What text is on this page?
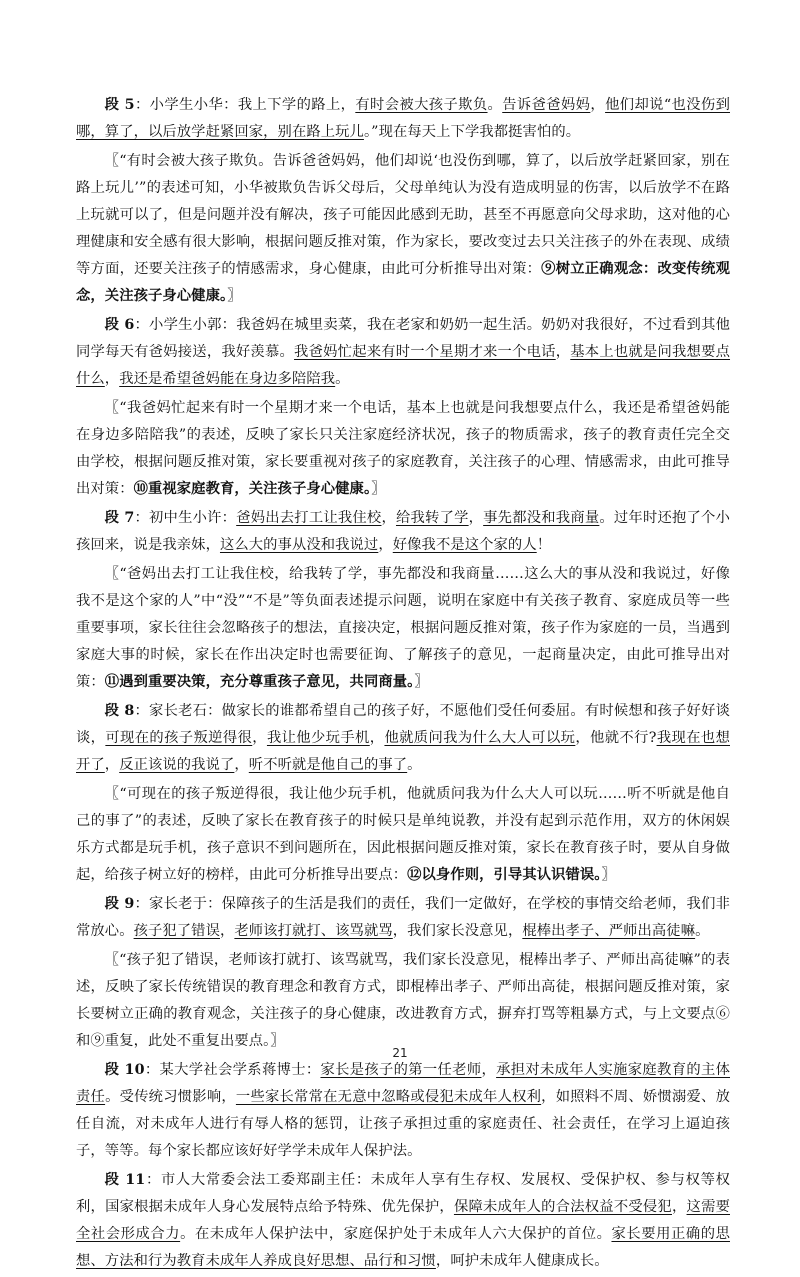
段 5：小学生小华：我上下学的路上，有时会被大孩子欺负。告诉爸爸妈妈，他们却说“也没伤到哪，算了，以后放学赶紧回家，别在路上玩儿。”现在每天上下学我都挺害怕的。

〖“有时会被大孩子欺负。告诉爸爸妈妈，他们却说‘也没伤到哪，算了，以后放学赶紧回家，别在路上玩儿’”的表述可知，小华被欺负告诉父母后，父母单纯认为没有造成明显的伤害，以后放学不在路上玩就可以了，但是问题并没有解决，孩子可能因此感到无助，甚至不再愿意向父母求助，这对他的心理健康和安全感有很大影响，根据问题反推对策，作为家长，要改变过去只关注孩子的外在表现、成绩等方面，还要关注孩子的情感需求，身心健康，由此可分析推导出对策：⑨树立正确观念：改变传统观念，关注孩子身心健康。〗

段 6：小学生小郭：我爸妈在城里卖菜，我在老家和奶奶一起生活。奶奶对我很好，不过看到其他同学每天有爸妈接送，我好羡慕。我爸妈忙起来有时一个星期才来一个电话，基本上也就是问我想要点什么，我还是希望爸妈能在身边多陪陪我。

〖“我爸妈忙起来有时一个星期才来一个电话，基本上也就是问我想要点什么，我还是希望爸妈能在身边多陪陪我”的表述，反映了家长只关注家庭经济状况，孩子的物质需求，孩子的教育责任完全交由学校，根据问题反推对策，家长要重视对孩子的家庭教育，关注孩子的心理、情感需求，由此可推导出对策：⑩重视家庭教育，关注孩子身心健康。〗

段 7：初中生小许：爸妈出去打工让我住校，给我转了学，事先都没和我商量。过年时还抱了个小孩回来，说是我亲妹，这么大的事从没和我说过，好像我不是这个家的人！

〖“爸妈出去打工让我住校，给我转了学，事先都没和我商量……这么大的事从没和我说过，好像我不是这个家的人”中“没”“不是”等负面表述提示问题，说明在家庭中有关孩子教育、家庭成员等一些重要事项，家长往往会忽略孩子的想法，直接决定，根据问题反推对策，孩子作为家庭的一员，当遇到家庭大事的时候，家长在作出决定时也需要征询、了解孩子的意见，一起商量决定，由此可推导出对策：⑪遇到重要决策，充分尊重孩子意见，共同商量。〗

段 8：家长老石：做家长的谁都希望自己的孩子好，不愿他们受任何委屈。有时候想和孩子好好谈谈，可现在的孩子叛逆得很，我让他少玩手机，他就质问我为什么大人可以玩，他就不行?我现在也想开了，反正该说的我说了，听不听就是他自己的事了。

〖“可现在的孩子叛逆得很，我让他少玩手机，他就质问我为什么大人可以玩……听不听就是他自己的事了”的表述，反映了家长在教育孩子的时候只是单纯说教，并没有起到示范作用，双方的休闲娱乐方式都是玩手机，孩子意识不到问题所在，因此根据问题反推对策，家长在教育孩子时，要从自身做起，给孩子树立好的榜样，由此可分析推导出要点：⑫以身作则，引导其认识错误。〗

段 9：家长老于：保障孩子的生活是我们的责任，我们一定做好，在学校的事情交给老师，我们非常放心。孩子犯了错误，老师该打就打、该骂就骂，我们家长没意见，棍棒出孝子、严师出高徒嘛。

〖“孩子犯了错误，老师该打就打、该骂就骂，我们家长没意见，棍棒出孝子、严师出高徒嘛”的表述，反映了家长传统错误的教育理念和教育方式，即棍棒出孝子、严师出高徒，根据问题反推对策，家长要树立正确的教育观念，关注孩子的身心健康，改进教育方式，摒弃打骂等粗暴方式，与上文要点⑥和⑨重复，此处不重复出要点。〗

段 10：某大学社会学系蒋博士：家长是孩子的第一任老师，承担对未成年人实施家庭教育的主体责任。受传统习惯影响，一些家长常常在无意中忽略或侵犯未成年人权利，如照料不周、娇惯溺爱、放任自流，对未成年人进行有辱人格的惩罚，让孩子承担过重的家庭责任、社会责任，在学习上逼迫孩子，等等。每个家长都应该好好学学未成年人保护法。

段 11：市人大常委会法工委郑副主任：未成年人享有生存权、发展权、受保护权、参与权等权利，国家根据未成年人身心发展特点给予特殊、优先保护，保障未成年人的合法权益不受侵犯，这需要全社会形成合力。在未成年人保护法中，家庭保护处于未成年人六大保护的首位。家长要用正确的思想、方法和行为教育未成年人养成良好思想、品行和习惯，呵护未成年人健康成长。

21
